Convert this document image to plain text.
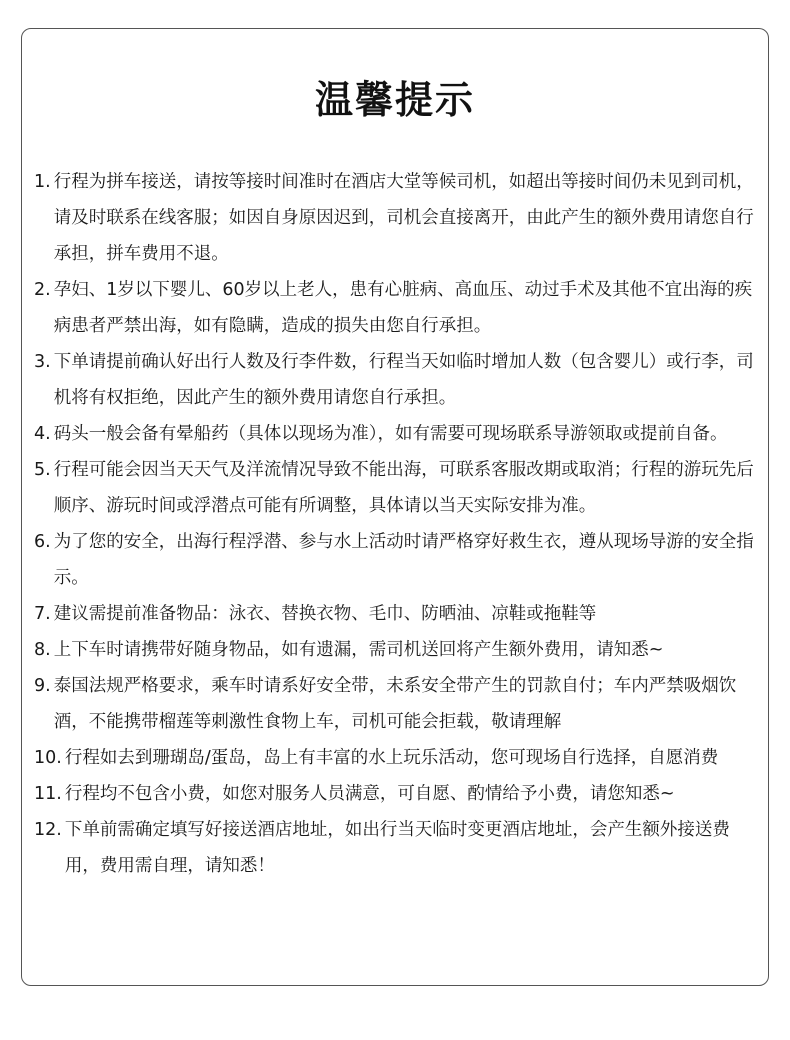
温馨提示
1. 行程为拼车接送，请按等接时间准时在酒店大堂等候司机，如超出等接时间仍未见到司机，请及时联系在线客服；如因自身原因迟到，司机会直接离开，由此产生的额外费用请您自行承担，拼车费用不退。
2. 孕妇、1岁以下婴儿、60岁以上老人，患有心脏病、高血压、动过手术及其他不宜出海的疾病患者严禁出海，如有隐瞒，造成的损失由您自行承担。
3. 下单请提前确认好出行人数及行李件数，行程当天如临时增加人数（包含婴儿）或行李，司机将有权拒绝，因此产生的额外费用请您自行承担。
4. 码头一般会备有晕船药（具体以现场为准），如有需要可现场联系导游领取或提前自备。
5. 行程可能会因当天天气及洋流情况导致不能出海，可联系客服改期或取消；行程的游玩先后顺序、游玩时间或浮潜点可能有所调整，具体请以当天实际安排为准。
6. 为了您的安全，出海行程浮潜、参与水上活动时请严格穿好救生衣，遵从现场导游的安全指示。
7. 建议需提前准备物品：泳衣、替换衣物、毛巾、防晒油、凉鞋或拖鞋等
8. 上下车时请携带好随身物品，如有遗漏，需司机送回将产生额外费用，请知悉~
9. 泰国法规严格要求，乘车时请系好安全带，未系安全带产生的罚款自付；车内严禁吸烟饮酒，不能携带榴莲等刺激性食物上车，司机可能会拒载，敬请理解
10. 行程如去到珊瑚岛/蛋岛，岛上有丰富的水上玩乐活动，您可现场自行选择，自愿消费
11. 行程均不包含小费，如您对服务人员满意，可自愿、酌情给予小费，请您知悉~
12. 下单前需确定填写好接送酒店地址，如出行当天临时变更酒店地址，会产生额外接送费用，费用需自理，请知悉！
